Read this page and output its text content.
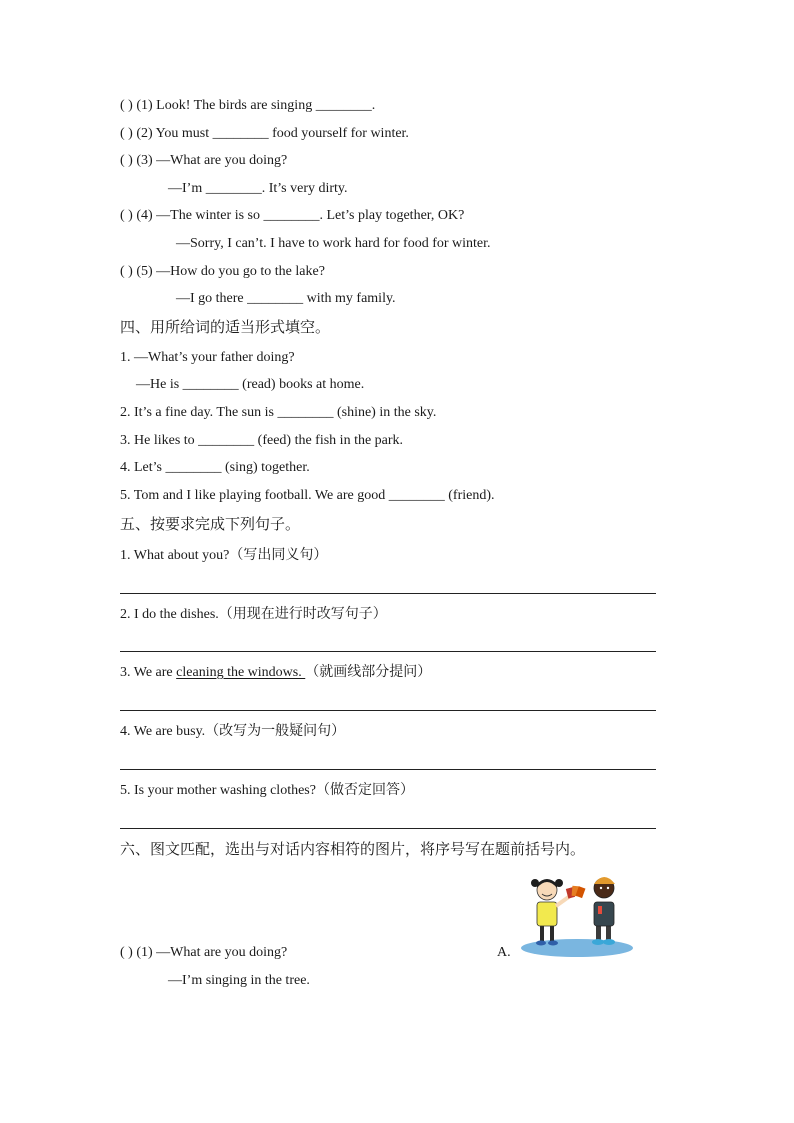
( ) (1) Look! The birds are singing ________.
( ) (2) You must ________ food yourself for winter.
( ) (3) —What are you doing?
—I’m ________. It’s very dirty.
( ) (4) —The winter is so ________. Let’s play together, OK?
—Sorry, I can’t. I have to work hard for food for winter.
( ) (5) —How do you go to the lake?
—I go there ________ with my family.
四、用所给词的适当形式填空。
1. —What’s your father doing?
—He is ________ (read) books at home.
2. It’s a fine day. The sun is ________ (shine) in the sky.
3. He likes to ________ (feed) the fish in the park.
4. Let’s ________ (sing) together.
5. Tom and I like playing football. We are good ________ (friend).
五、按要求完成下列句子。
1. What about you?（写出同义句）
2. I do the dishes.（用现在进行时改写句子）
3. We are cleaning the windows. （就画线部分提问）
4. We are busy.（改写为一般疑问句）
5. Is your mother washing clothes?（做否定回答）
六、图文匹配，选出与对话内容相符的图片，将序号写在题前括号内。
( ) (1) —What are you doing?
—I’m singing in the tree.
A.
